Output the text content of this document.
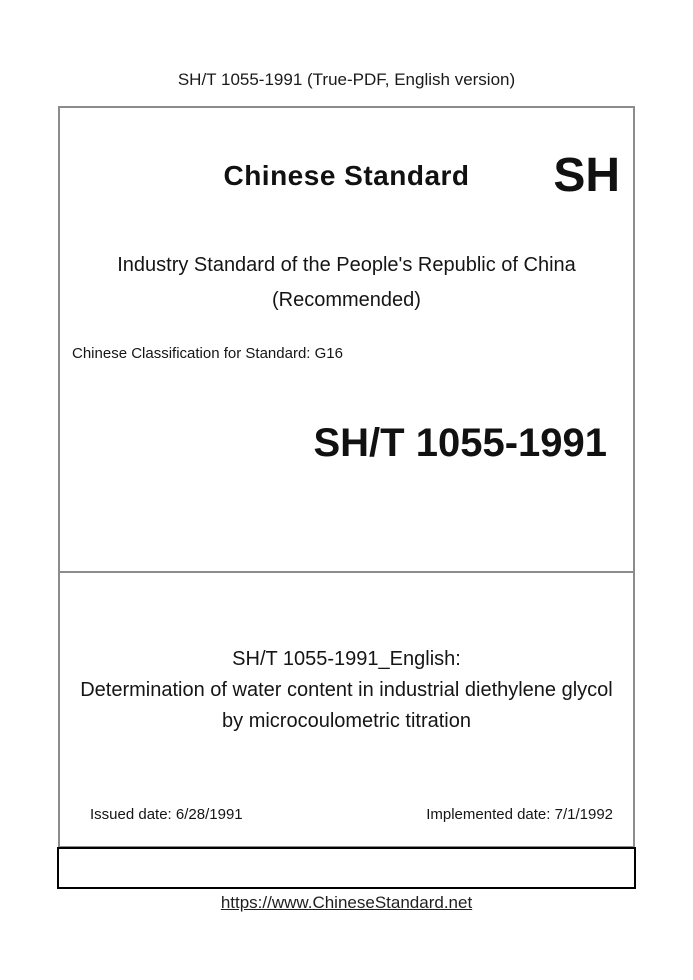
SH/T 1055-1991 (True-PDF, English version)
Chinese Standard	SH
Industry Standard of the People's Republic of China
(Recommended)
Chinese Classification for Standard: G16
SH/T 1055-1991
SH/T 1055-1991_English:
Determination of water content in industrial diethylene glycol
by microcoulometric titration
Issued date: 6/28/1991	Implemented date: 7/1/1992
https://www.ChineseStandard.net
